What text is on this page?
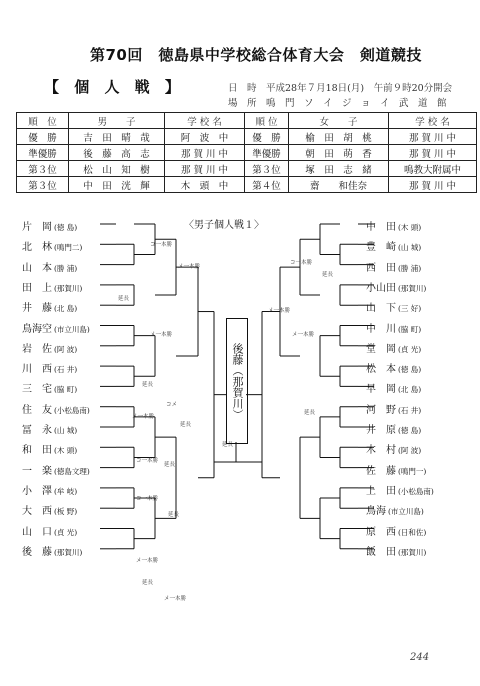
第70回　徳島県中学校総合体育大会　剣道競技
【 個 人 戦 】	日　時　平成28年７月18日(月)　午前９時20分開会
場　所　鳴　門　ソ　イ　ジ　ョ　イ　武　道　館
順　位	男　　子	学 校 名	順 位	女　　子	学 校 名
優　勝	吉　田　晴　哉	阿　波　中	優　勝	榆　田　胡　桃	那 賀 川 中
準優勝	後　藤　高　志	那 賀 川 中	準優勝	朝　田　萌　香	那 賀 川 中
第３位	松　山　知　樹	那 賀 川 中	第３位	塚　田　志　緒	鳴教大附属中
第３位	中　田　洸　輝	木　頭　中	第４位	齋　　和佳奈	那 賀 川 中
〈男子個人戦１〉
片　岡 (徳 島)
北　林 (鳴門二)
山　本 (勝 浦)
田　上 (那賀川)
井　藤 (北 島)
鳥海空 (市立川島)
岩　佐 (阿 波)
川　西 (石 井)
三　宅 (脇 町)
住　友 (小松島南)
冨　永 (山 城)
和　田 (木 頭)
一　楽 (徳島文理)
小　澤 (牟 岐)
大　西 (板 野)
山　口 (貞 光)
後　藤 (那賀川)
中　田 (木 頭)
豊　崎 (山 城)
西　田 (勝 浦)
小山田 (那賀川)
山　下 (三 好)
中　川 (脇 町)
堂　岡 (貞 光)
松　本 (徳 島)
早　岡 (北 島)
河　野 (石 井)
井　原 (徳 島)
木　村 (阿 波)
佐　藤 (鳴門一)
上　田 (小松島南)
鳥海 (市立川島)
原　西 (日和佐)
飯　田 (那賀川)
コ一本勝
メ一本勝
延長
メ一本勝
延長
コメ
メ一本勝
延長
コ一本勝
延長
コ一本勝
延長
メ一本勝
延長
メ一本勝
延長
コ一本勝
延長
メ一本勝
メ一本勝
延長
後藤（那賀川）
244
